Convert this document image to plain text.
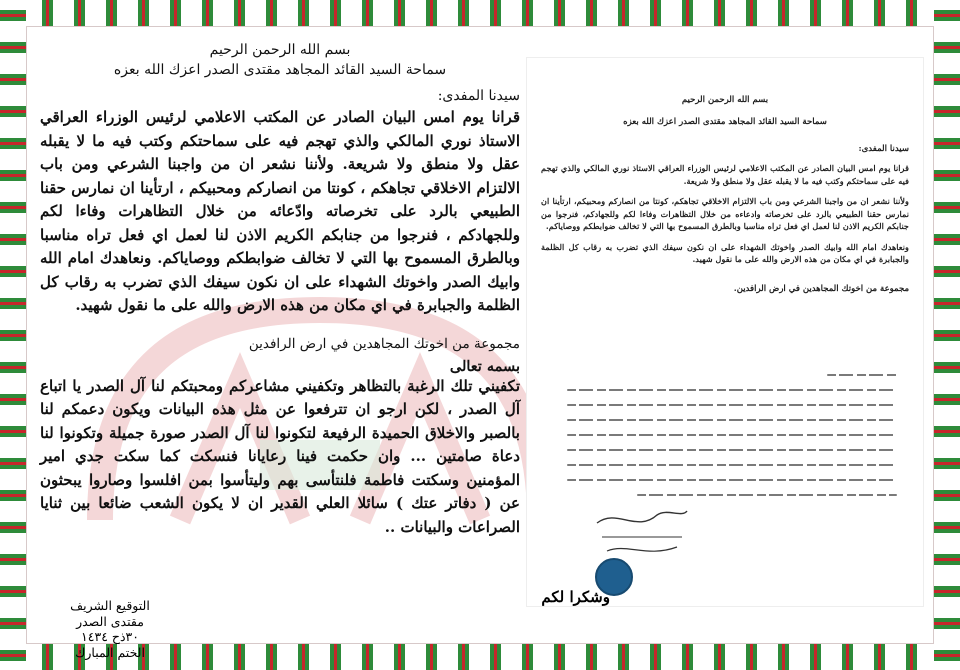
بسم الله الرحمن الرحيم
سماحة السيد القائد المجاهد مقتدى الصدر اعزك الله بعزه
سيدنا المفدى:

قرانا يوم امس البيان الصادر عن المكتب الاعلامي لرئيس الوزراء العراقي الاستاذ نوري المالكي والذي تهجم فيه على سماحتكم وكتب فيه ما لا يقبله عقل ولا منطق ولا شريعة. ولأننا نشعر ان من واجبنا الشرعي ومن باب الالتزام الاخلاقي تجاهكم ، كونتا من انصاركم ومحبيكم ، ارتأينا ان نمارس حقنا الطبيعي بالرد على تخرصاته وادّعائه من خلال التظاهرات وفاءا لكم وللجهادكم ، فنرجوا من جنابكم الكريم الاذن لنا لعمل اي فعل تراه مناسبا وبالطرق المسموح بها التي لا تخالف ضوابطكم ووصاياكم. ونعاهدك امام الله وابيك الصدر واخوتك الشهداء على ان نكون سيفك الذي تضرب به رقاب كل الظلمة والجبابرة في اي مكان من هذه الارض والله على ما نقول شهيد.

مجموعة من اخوتك المجاهدين في ارض الرافدين
بسمه تعالى

تكفيني تلك الرغبة بالتظاهر وتكفيني مشاعركم ومحبتكم لنا آل الصدر يا اتباع آل الصدر ، لكن ارجو ان تترفعوا عن مثل هذه البيانات ويكون دعمكم لنا بالصبر والاخلاق الحميدة الرفيعة لتكونوا لنا آل الصدر صورة جميلة وتكونوا لنا دعاة صامتين ... وان حكمت فينا رعايانا فنسكت كما سكت جدي امير المؤمنين وسكتت فاطمة فلنتأسى بهم وليتأسوا بمن افلسوا وصاروا يبحثون عن ( دفاتر عتك ) سائلا العلي القدير ان لا يكون الشعب ضائعا بين ثنايا الصراعات والبيانات ..

وشكرا لكم
التوقيع الشريف
مقتدى الصدر
٣٠ذح ١٤٣٤
الختم المبارك
بسم الله الرحمن الرحيم
سماحة السيد القائد المجاهد مقتدى الصدر اعزك الله بعزه
سيدنا المفدى:

قرانا يوم امس البيان الصادر عن المكتب الاعلامي لرئيس الوزراء العراقي الاستاذ نوري المالكي والذي تهجم فيه على سماحتكم وكتب فيه ما لا يقبله عقل ولا منطق ولا شريعة.

ولأننا نشعر ان من واجبنا الشرعي ومن باب الالتزام الاخلاقي تجاهكم، كونتا من انصاركم ومحبيكم، ارتأينا ان نمارس حقنا الطبيعي بالرد على تخرصاته وادعاءه من خلال التظاهرات وفاءا لكم وللجهادكم، فنرجوا من جنابكم الكريم الاذن لنا لعمل اي فعل تراه مناسبا وبالطرق المسموح بها التي لا تخالف ضوابطكم ووصاياكم.

ونعاهدك امام الله وابيك الصدر واخوتك الشهداء على ان نكون سيفك الذي تضرب به رقاب كل الظلمة والجبابرة في اي مكان من هذه الارض والله على ما نقول شهيد.

مجموعة من اخوتك المجاهدين في ارض الرافدين.
